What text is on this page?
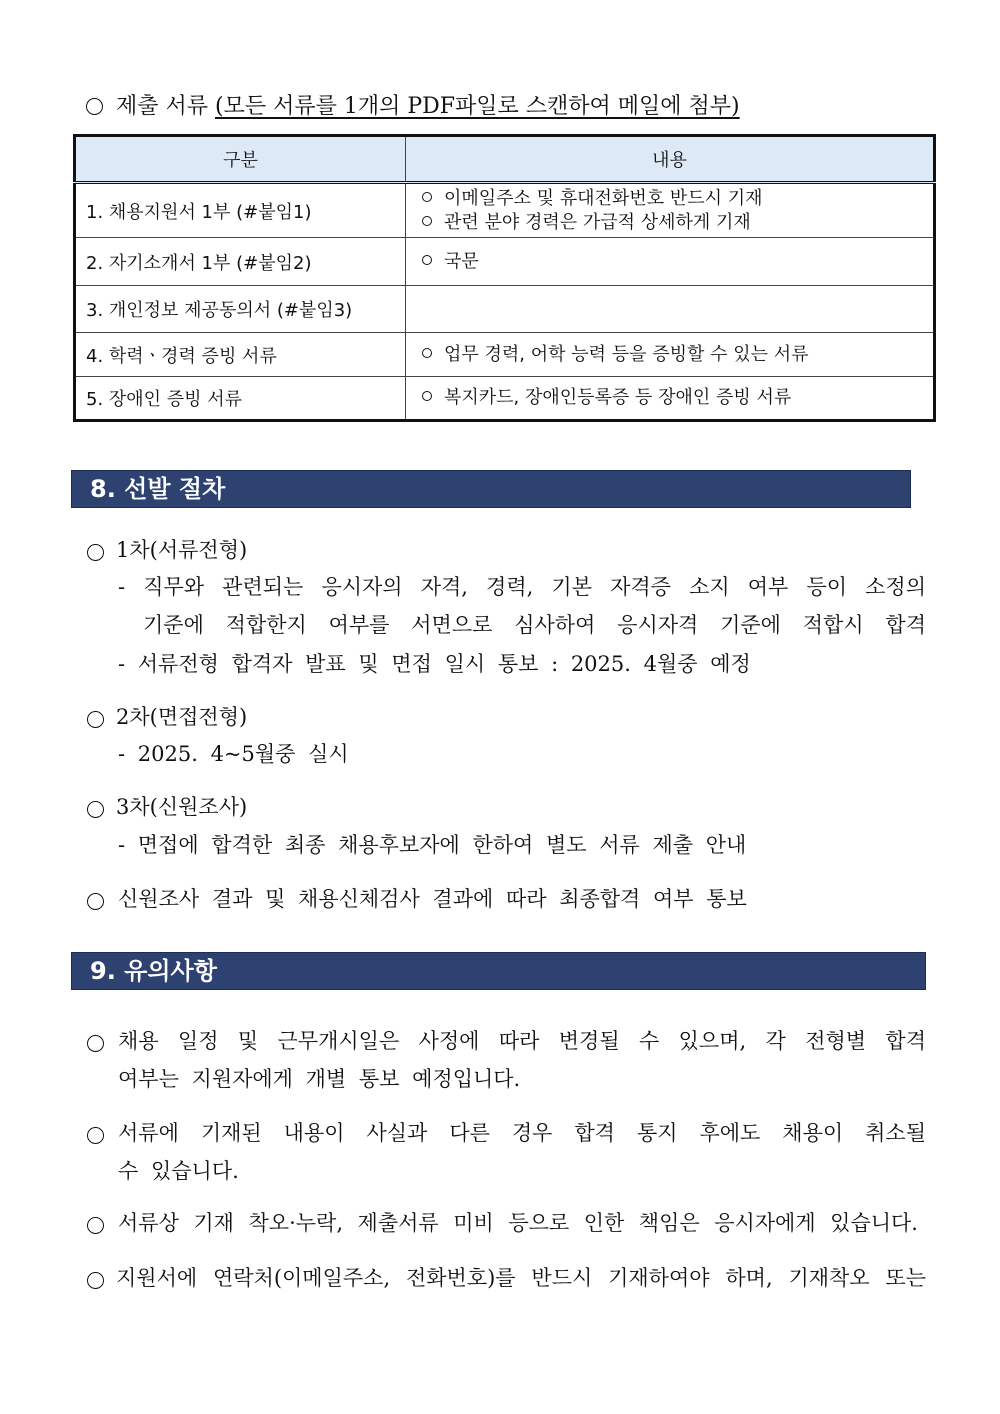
제출 서류 (모든 서류를 1개의 PDF파일로 스캔하여 메일에 첨부)
구분	내용
1. 채용지원서 1부 (#붙임1)	이메일주소 및 휴대전화번호 반드시 기재
관련 분야 경력은 가급적 상세하게 기재

2. 자기소개서 1부 (#붙임2)	국문

3. 개인정보 제공동의서 (#붙임3)	
4. 학력ㆍ경력 증빙 서류	업무 경력, 어학 능력 등을 증빙할 수 있는 서류

5. 장애인 증빙 서류	복지카드, 장애인등록증 등 장애인 증빙 서류
8. 선발 절차
1차(서류전형)
- 직무와 관련되는 응시자의 자격, 경력, 기본 자격증 소지 여부 등이 소정의
기준에 적합한지 여부를 서면으로 심사하여 응시자격 기준에 적합시 합격
- 서류전형 합격자 발표 및 면접 일시 통보 : 2025. 4월중 예정
2차(면접전형)
- 2025. 4~5월중 실시
3차(신원조사)
- 면접에 합격한 최종 채용후보자에 한하여 별도 서류 제출 안내
신원조사 결과 및 채용신체검사 결과에 따라 최종합격 여부 통보
9. 유의사항
채용 일정 및 근무개시일은 사정에 따라 변경될 수 있으며, 각 전형별 합격
여부는 지원자에게 개별 통보 예정입니다.
서류에 기재된 내용이 사실과 다른 경우 합격 통지 후에도 채용이 취소될
수 있습니다.
서류상 기재 착오·누락, 제출서류 미비 등으로 인한 책임은 응시자에게 있습니다.
지원서에 연락처(이메일주소, 전화번호)를 반드시 기재하여야 하며, 기재착오 또는
